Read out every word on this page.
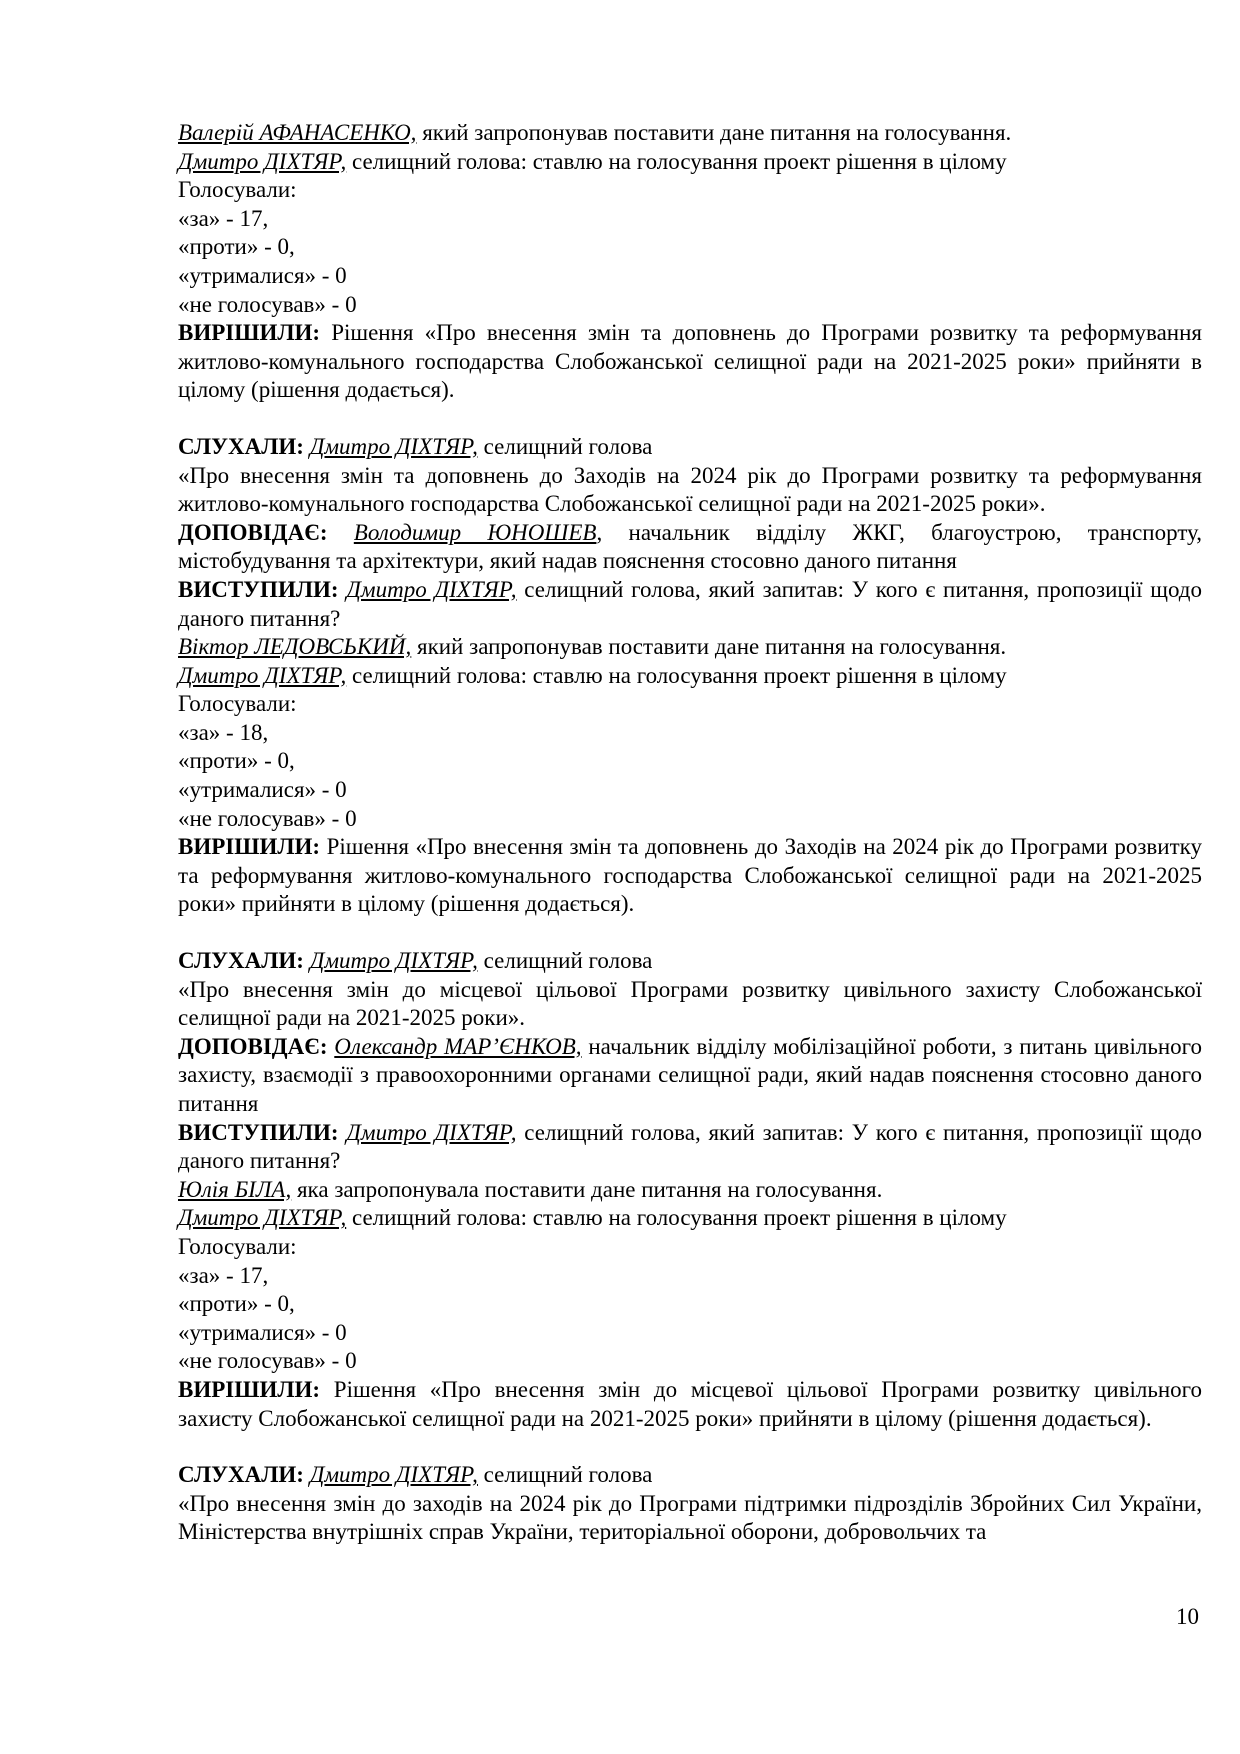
Валерій АФАНАСЕНКО, який запропонував поставити дане питання на голосування.

Дмитро ДІХТЯР, селищний голова: ставлю на голосування проект рішення в цілому

Голосували:

«за» - 17,

«проти» - 0,

«утрималися» - 0

«не голосував» - 0

ВИРІШИЛИ: Рішення «Про внесення змін та доповнень до Програми розвитку та реформування житлово-комунального господарства Слобожанської селищної ради на 2021-2025 роки» прийняти в цілому (рішення додається).

СЛУХАЛИ: Дмитро ДІХТЯР, селищний голова

«Про внесення змін та доповнень до Заходів на 2024 рік до Програми розвитку та реформування житлово-комунального господарства Слобожанської селищної ради на 2021-2025 роки».

ДОПОВІДАЄ: Володимир ЮНОШЕВ, начальник відділу ЖКГ, благоустрою, транспорту, містобудування та архітектури, який надав пояснення стосовно даного питання

ВИСТУПИЛИ: Дмитро ДІХТЯР, селищний голова, який запитав: У кого є питання, пропозиції щодо даного питання?

Віктор ЛЕДОВСЬКИЙ, який запропонував поставити дане питання на голосування.

Дмитро ДІХТЯР, селищний голова: ставлю на голосування проект рішення в цілому

Голосували:

«за» - 18,

«проти» - 0,

«утрималися» - 0

«не голосував» - 0

ВИРІШИЛИ: Рішення «Про внесення змін та доповнень до Заходів на 2024 рік до Програми розвитку та реформування житлово-комунального господарства Слобожанської селищної ради на 2021-2025 роки» прийняти в цілому (рішення додається).

СЛУХАЛИ: Дмитро ДІХТЯР, селищний голова

«Про внесення змін до місцевої цільової Програми розвитку цивільного захисту Слобожанської селищної ради на 2021-2025 роки».

ДОПОВІДАЄ: Олександр МАР’ЄНКОВ, начальник відділу мобілізаційної роботи, з питань цивільного захисту, взаємодії з правоохоронними органами селищної ради, який надав пояснення стосовно даного питання

ВИСТУПИЛИ: Дмитро ДІХТЯР, селищний голова, який запитав: У кого є питання, пропозиції щодо даного питання?

Юлія БІЛА, яка запропонувала поставити дане питання на голосування.

Дмитро ДІХТЯР, селищний голова: ставлю на голосування проект рішення в цілому

Голосували:

«за» - 17,

«проти» - 0,

«утрималися» - 0

«не голосував» - 0

ВИРІШИЛИ: Рішення «Про внесення змін до місцевої цільової Програми розвитку цивільного захисту Слобожанської селищної ради на 2021-2025 роки» прийняти в цілому (рішення додається).

СЛУХАЛИ: Дмитро ДІХТЯР, селищний голова

«Про внесення змін до заходів на 2024 рік до Програми підтримки підрозділів Збройних Сил України, Міністерства внутрішніх справ України, територіальної оборони, добровольчих та

10
